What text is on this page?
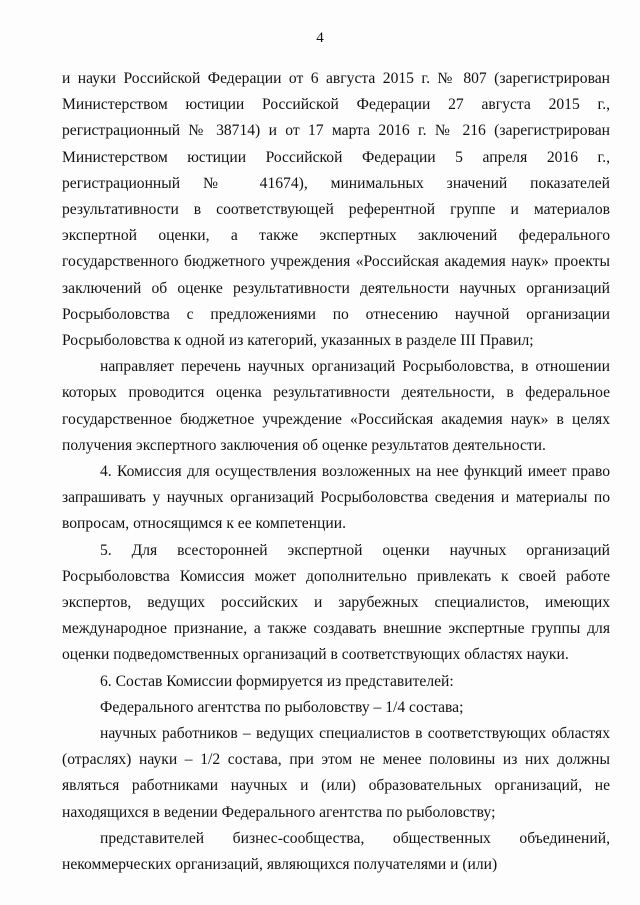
4

и науки Российской Федерации от 6 августа 2015 г. № 807 (зарегистрирован Министерством юстиции Российской Федерации 27 августа 2015 г., регистрационный № 38714) и от 17 марта 2016 г. № 216 (зарегистрирован Министерством юстиции Российской Федерации 5 апреля 2016 г., регистрационный № 41674), минимальных значений показателей результативности в соответствующей референтной группе и материалов экспертной оценки, а также экспертных заключений федерального государственного бюджетного учреждения «Российская академия наук» проекты заключений об оценке результативности деятельности научных организаций Росрыболовства с предложениями по отнесению научной организации Росрыболовства к одной из категорий, указанных в разделе III Правил;

направляет перечень научных организаций Росрыболовства, в отношении которых проводится оценка результативности деятельности, в федеральное государственное бюджетное учреждение «Российская академия наук» в целях получения экспертного заключения об оценке результатов деятельности.

4. Комиссия для осуществления возложенных на нее функций имеет право запрашивать у научных организаций Росрыболовства сведения и материалы по вопросам, относящимся к ее компетенции.

5. Для всесторонней экспертной оценки научных организаций Росрыболовства Комиссия может дополнительно привлекать к своей работе экспертов, ведущих российских и зарубежных специалистов, имеющих международное признание, а также создавать внешние экспертные группы для оценки подведомственных организаций в соответствующих областях науки.

6. Состав Комиссии формируется из представителей:

Федерального агентства по рыболовству – 1/4 состава;

научных работников – ведущих специалистов в соответствующих областях (отраслях) науки – 1/2 состава, при этом не менее половины из них должны являться работниками научных и (или) образовательных организаций, не находящихся в ведении Федерального агентства по рыболовству;

представителей бизнес-сообщества, общественных объединений, некоммерческих организаций, являющихся получателями и (или)
